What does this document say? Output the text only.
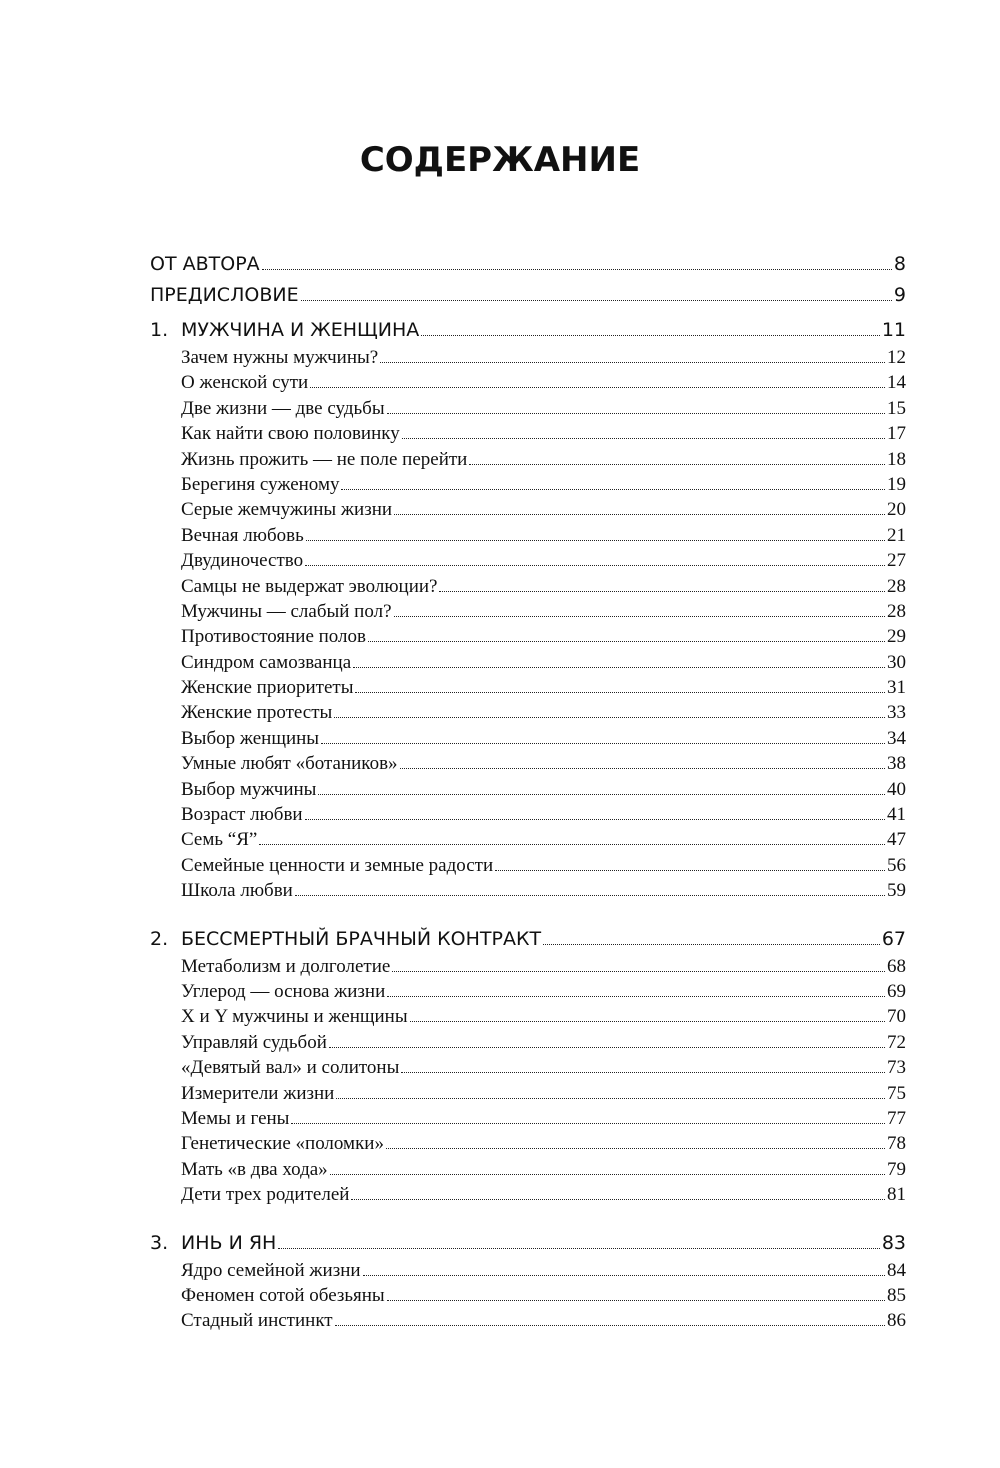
СОДЕРЖАНИЕ
ОТ АВТОРА	8
ПРЕДИСЛОВИЕ	9
1. МУЖЧИНА И ЖЕНЩИНА	11
Зачем нужны мужчины?	12
О женской сути	14
Две жизни — две судьбы	15
Как найти свою половинку	17
Жизнь прожить — не поле перейти	18
Берегиня суженому	19
Серые жемчужины жизни	20
Вечная любовь	21
Двудиночество	27
Самцы не выдержат эволюции?	28
Мужчины — слабый пол?	28
Противостояние полов	29
Синдром самозванца	30
Женские приоритеты	31
Женские протесты	33
Выбор женщины	34
Умные любят «ботаников»	38
Выбор мужчины	40
Возраст любви	41
Семь “Я”	47
Семейные ценности и земные радости	56
Школа любви	59
2. БЕССМЕРТНЫЙ БРАЧНЫЙ КОНТРАКТ	67
Метаболизм и долголетие	68
Углерод — основа жизни	69
X и Y мужчины и женщины	70
Управляй судьбой	72
«Девятый вал» и солитоны	73
Измерители жизни	75
Мемы и гены	77
Генетические «поломки»	78
Мать «в два хода»	79
Дети трех родителей	81
3. ИНЬ И ЯН	83
Ядро семейной жизни	84
Феномен сотой обезьяны	85
Стадный инстинкт	86
